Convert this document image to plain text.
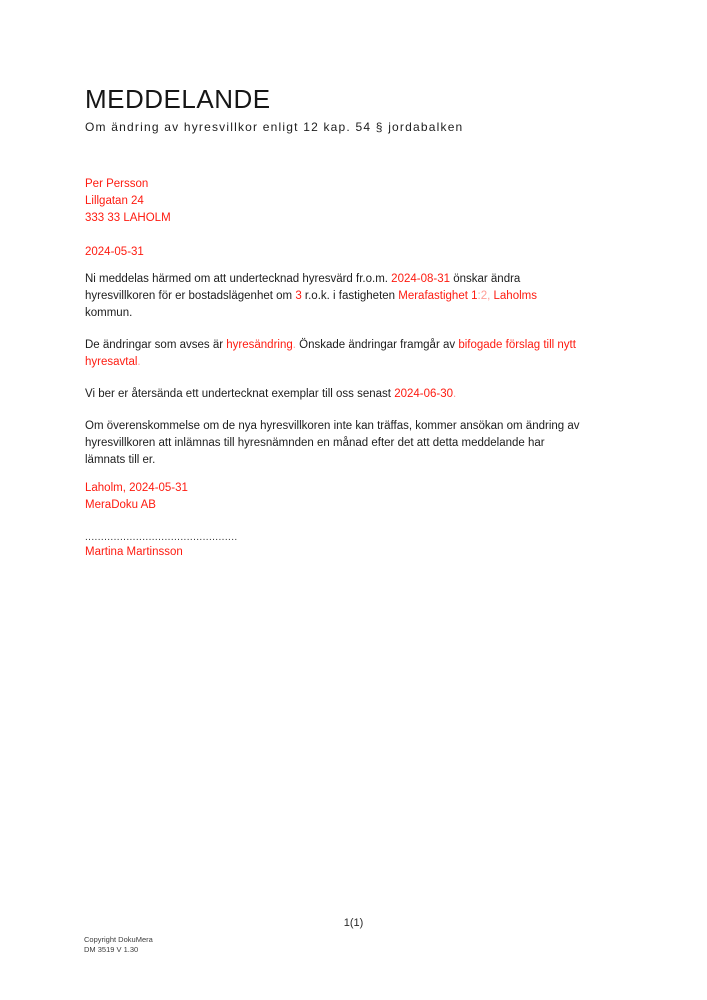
MEDDELANDE
Om ändring av hyresvillkor enligt 12 kap. 54 § jordabalken
Per Persson
Lillgatan 24
333 33 LAHOLM
2024-05-31
Ni meddelas härmed om att undertecknad hyresvärd fr.o.m. 2024-08-31 önskar ändra
hyresvillkoren för er bostadslägenhet om 3 r.o.k. i fastigheten Merafastighet 1:2, Laholms
kommun.
De ändringar som avses är hyresändring. Önskade ändringar framgår av bifogade förslag till nytt
hyresavtal.
Vi ber er återsända ett undertecknat exemplar till oss senast 2024-06-30.
Om överenskommelse om de nya hyresvillkoren inte kan träffas, kommer ansökan om ändring av
hyresvillkoren att inlämnas till hyresnämnden en månad efter det att detta meddelande har
lämnats till er.
Laholm, 2024-05-31
MeraDoku AB
................................................
Martina Martinsson
1(1)
Copyright DokuMera
DM 3519 V 1.30
